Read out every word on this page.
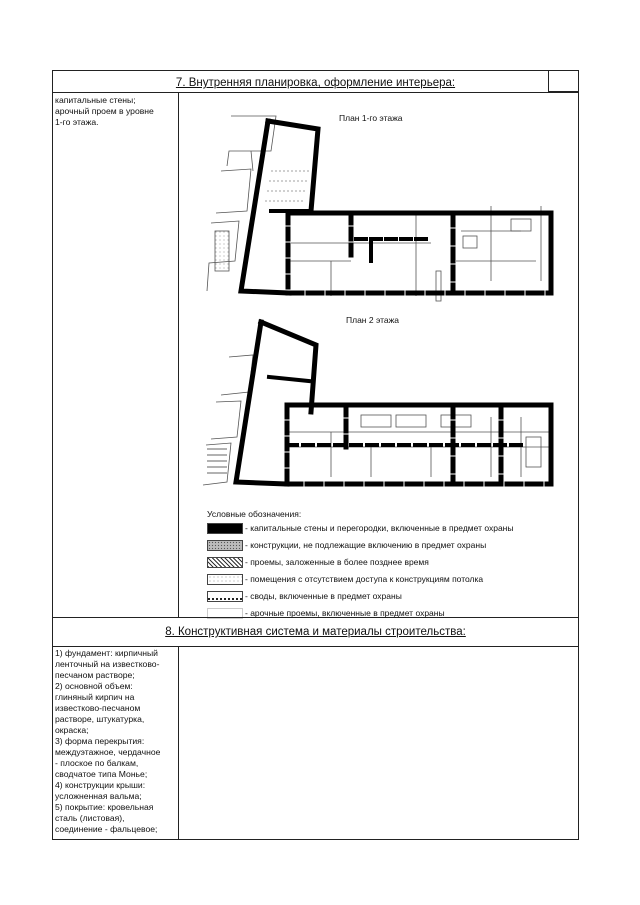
7. Внутренняя планировка, оформление интерьера:
капитальные стены;
арочный проем в уровне
1-го этажа.	План 1-го этажа
План 2 этажа
Условные обозначения:
- капитальные стены и перегородки, включенные в предмет охраны
- конструкции, не подлежащие включению в предмет охраны
- проемы, заложенные в более позднее время
- помещения с отсутствием доступа к конструкциям потолка
- своды, включенные в предмет охраны
- арочные проемы, включенные в предмет охраны
8. Конструктивная система и материалы строительства:
1) фундамент: кирпичный
ленточный на известково-
песчаном растворе;
2) основной объем:
глиняный кирпич на
известково-песчаном
растворе, штукатурка,
окраска;
3) форма перекрытия:
междуэтажное, чердачное
- плоское по балкам,
сводчатое типа Монье;
4) конструкции крыши:
усложненная вальма;
5) покрытие: кровельная
сталь (листовая),
соединение - фальцевое;
